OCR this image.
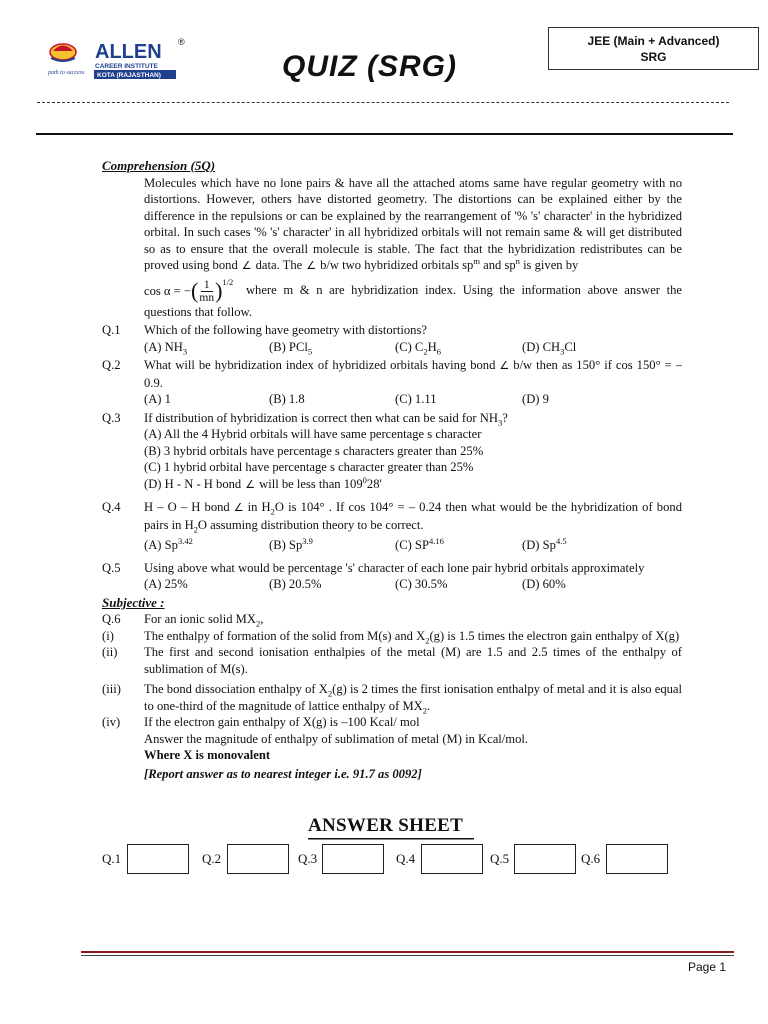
path to success
ALLEN
CAREER INSTITUTE
KOTA (RAJASTHAN)
®
QUIZ (SRG)
JEE (Main + Advanced)
SRG
Comprehension (5Q)
Molecules which have no lone pairs & have all the attached atoms same have regular geometry with no distortions. However, others have distorted geometry. The distortions can be explained either by the difference in the repulsions or can be explained by the rearrangement of '% 's' character' in the hybridized orbital. In such cases '% 's' character' in all hybridized orbitals will not remain same & will get distributed so as to ensure that the overall molecule is stable. The fact that the hybridization redistributes can be proved using bond ∠ data. The ∠ b/w two hybridized orbitals $sp^m$ and $sp^n$ is given by
cos α = − ( $\frac{1}{mn} )^{1/2}$
where m & n are hybridization index. Using the information above answer the questions that follow.
Q.1	Which of the following have geometry with distortions?
(A) $NH_3$	(B) PCl$_5$	(C) $C_2H_6$	(D) $CH_3Cl$
Q.2	What will be hybridization index of hybridized orbitals having bond ∠ b/w then as 150° if cos 150° = – 0.9.
(A) 1	(B) 1.8	(C) 1.11	(D) 9
Q.3	If distribution of hybridization is correct then what can be said for $NH_3$?
(A) All the 4 Hybrid orbitals will have same percentage s character
(B) 3 hybrid orbitals have percentage s characters greater than 25%
(C) 1 hybrid orbital have percentage s character greater than 25%
(D) H - N - H bond ∠ will be less than $109^028'$
Q.4	H – O – H bond ∠ in $H_2O$ is 104° . If cos 104° = – 0.24 then what would be the hybridization of bond pairs in $H_2O$ assuming distribution theory to be correct.
(A) $Sp^{3.42}$	(B) $Sp^{3.9}$	(C) $SP^{4.16}$	(D) $Sp^{4.5}$
Q.5	Using above what would be percentage 's' character of each lone pair hybrid orbitals approximately
(A) 25%	(B) 20.5%	(C) 30.5%	(D) 60%
Subjective :
Q.6	For an ionic solid $MX_2$,
(i)	The enthalpy of formation of the solid from M(s) and $X_2(g)$ is 1.5 times the electron gain enthalpy of X(g)
(ii)	The first and second ionisation enthalpies of the metal (M) are 1.5 and 2.5 times of the enthalpy of sublimation of M(s).
(iii)	The bond dissociation enthalpy of $X_2(g)$ is 2 times the first ionisation enthalpy of metal and it is also equal to one-third of the magnitude of lattice enthalpy of $MX_2$.
(iv)	If the electron gain enthalpy of X(g) is –100 Kcal/ mol
Answer the magnitude of enthalpy of sublimation of metal (M) in Kcal/mol.
Where X is monovalent
[Report answer as to nearest integer i.e. 91.7 as 0092]
ANSWER SHEET
Q.1	Q.2	Q.3	Q.4	Q.5	Q.6
Page 1
